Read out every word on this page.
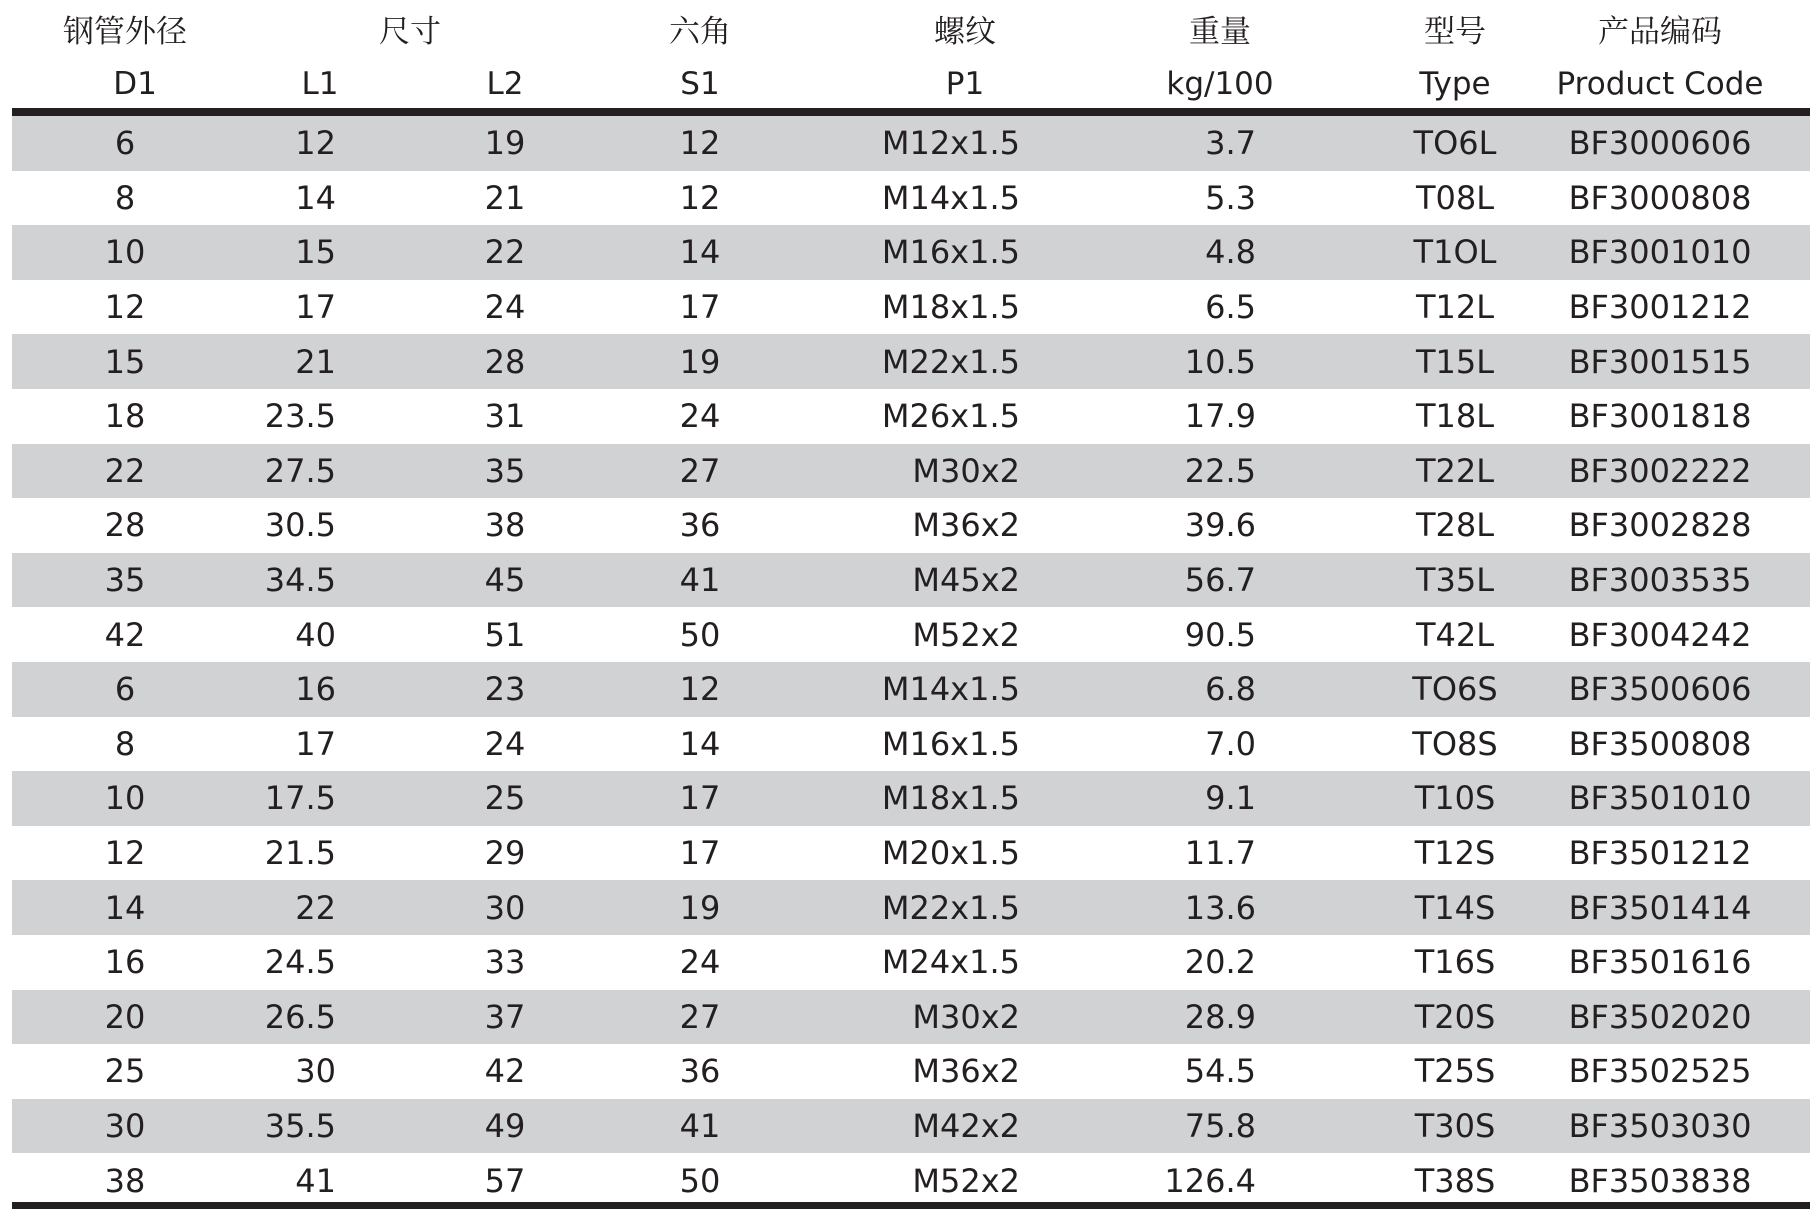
钢管外径	尺寸	六角	螺纹	重量	型号	产品编码
D1	L1	L2	S1	P1	kg/100	Type	Product Code
6	12	19	12	M12x1.5	3.7	TO6L	BF3000606
8	14	21	12	M14x1.5	5.3	T08L	BF3000808
10	15	22	14	M16x1.5	4.8	T1OL	BF3001010
12	17	24	17	M18x1.5	6.5	T12L	BF3001212
15	21	28	19	M22x1.5	10.5	T15L	BF3001515
18	23.5	31	24	M26x1.5	17.9	T18L	BF3001818
22	27.5	35	27	M30x2	22.5	T22L	BF3002222
28	30.5	38	36	M36x2	39.6	T28L	BF3002828
35	34.5	45	41	M45x2	56.7	T35L	BF3003535
42	40	51	50	M52x2	90.5	T42L	BF3004242
6	16	23	12	M14x1.5	6.8	TO6S	BF3500606
8	17	24	14	M16x1.5	7.0	TO8S	BF3500808
10	17.5	25	17	M18x1.5	9.1	T10S	BF3501010
12	21.5	29	17	M20x1.5	11.7	T12S	BF3501212
14	22	30	19	M22x1.5	13.6	T14S	BF3501414
16	24.5	33	24	M24x1.5	20.2	T16S	BF3501616
20	26.5	37	27	M30x2	28.9	T20S	BF3502020
25	30	42	36	M36x2	54.5	T25S	BF3502525
30	35.5	49	41	M42x2	75.8	T30S	BF3503030
38	41	57	50	M52x2	126.4	T38S	BF3503838
